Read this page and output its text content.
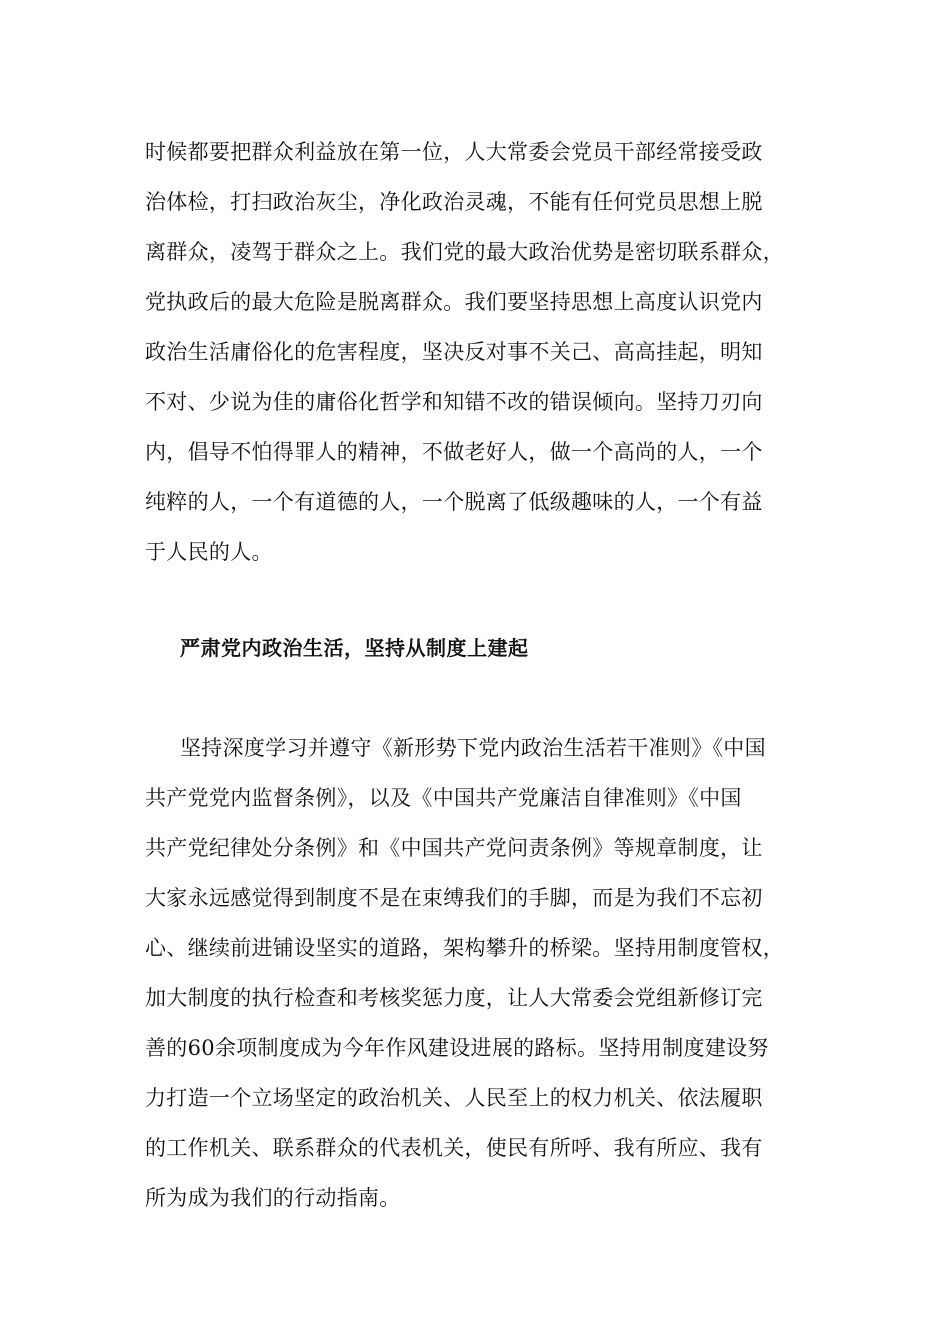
时候都要把群众利益放在第一位，人大常委会党员干部经常接受政
治体检，打扫政治灰尘，净化政治灵魂，不能有任何党员思想上脱
离群众，凌驾于群众之上。我们党的最大政治优势是密切联系群众，
党执政后的最大危险是脱离群众。我们要坚持思想上高度认识党内
政治生活庸俗化的危害程度，坚决反对事不关己、高高挂起，明知
不对、少说为佳的庸俗化哲学和知错不改的错误倾向。坚持刀刃向
内，倡导不怕得罪人的精神，不做老好人，做一个高尚的人，一个
纯粹的人，一个有道德的人，一个脱离了低级趣味的人，一个有益
于人民的人。
严肃党内政治生活，坚持从制度上建起
坚持深度学习并遵守《新形势下党内政治生活若干准则》《中国
共产党党内监督条例》，以及《中国共产党廉洁自律准则》《中国
共产党纪律处分条例》和《中国共产党问责条例》等规章制度，让
大家永远感觉得到制度不是在束缚我们的手脚，而是为我们不忘初
心、继续前进铺设坚实的道路，架构攀升的桥梁。坚持用制度管权，
加大制度的执行检查和考核奖惩力度，让人大常委会党组新修订完
善的60余项制度成为今年作风建设进展的路标。坚持用制度建设努
力打造一个立场坚定的政治机关、人民至上的权力机关、依法履职
的工作机关、联系群众的代表机关，使民有所呼、我有所应、我有
所为成为我们的行动指南。
